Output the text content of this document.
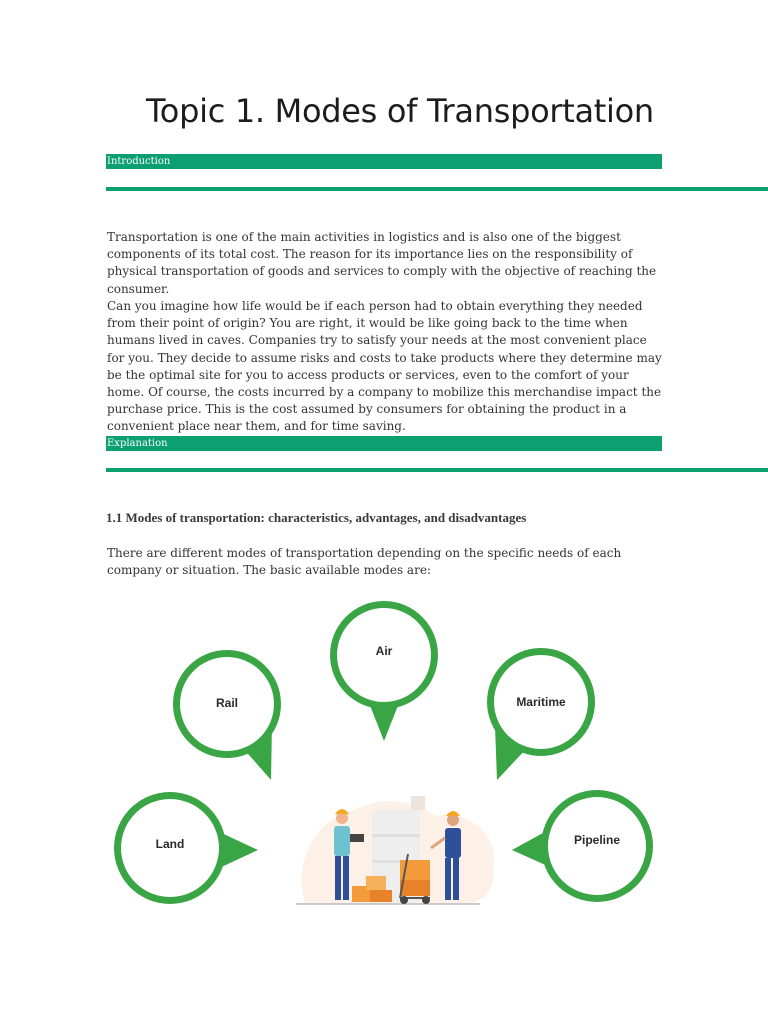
Topic 1. Modes of Transportation
Introduction

Transportation is one of the main activities in logistics and is also one of the biggest components of its total cost. The reason for its importance lies on the responsibility of physical transportation of goods and services to comply with the objective of reaching the consumer.

Can you imagine how life would be if each person had to obtain everything they needed from their point of origin? You are right, it would be like going back to the time when humans lived in caves. Companies try to satisfy your needs at the most convenient place for you. They decide to assume risks and costs to take products where they determine may be the optimal site for you to access products or services, even to the comfort of your home. Of course, the costs incurred by a company to mobilize this merchandise impact the purchase price. This is the cost assumed by consumers for obtaining the product in a convenient place near them, and for time saving.

Explanation
1.1 Modes of transportation: characteristics, advantages, and disadvantages

There are different modes of transportation depending on the specific needs of each company or situation. The basic available modes are:

Air
Rail	Maritime
Land	Pipeline
